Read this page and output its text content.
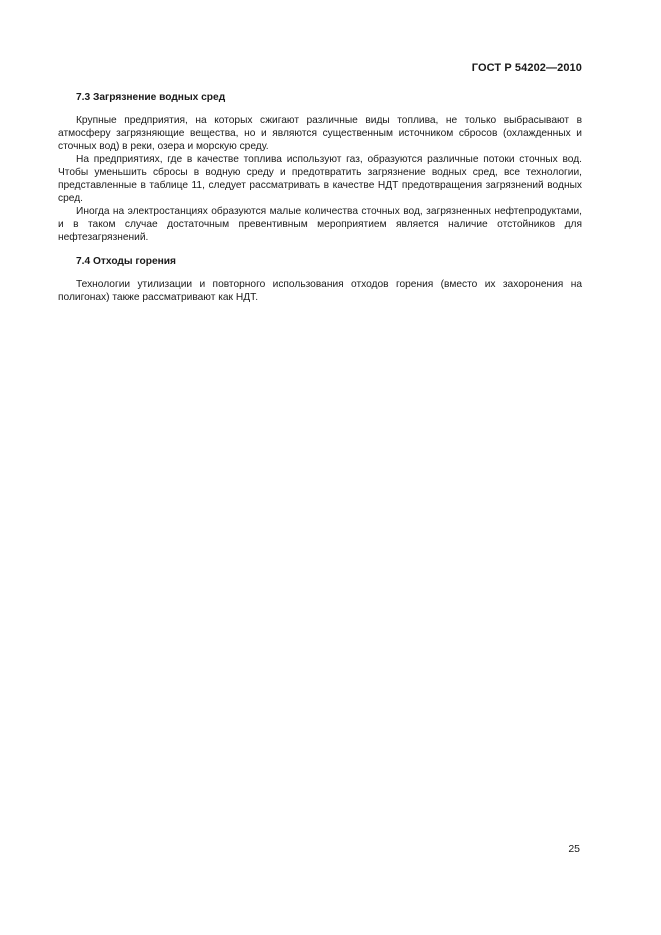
ГОСТ Р 54202—2010

7.3 Загрязнение водных сред

Крупные предприятия, на которых сжигают различные виды топлива, не только выбрасывают в атмосферу загрязняющие вещества, но и являются существенным источником сбросов (охлажденных и сточных вод) в реки, озера и морскую среду.

На предприятиях, где в качестве топлива используют газ, образуются различные потоки сточных вод. Чтобы уменьшить сбросы в водную среду и предотвратить загрязнение водных сред, все технологии, представленные в таблице 11, следует рассматривать в качестве НДТ предотвращения загрязнений водных сред.

Иногда на электростанциях образуются малые количества сточных вод, загрязненных нефтепродуктами, и в таком случае достаточным превентивным мероприятием является наличие отстойников для нефтезагрязнений.

7.4 Отходы горения

Технологии утилизации и повторного использования отходов горения (вместо их захоронения на полигонах) также рассматривают как НДТ.

25
